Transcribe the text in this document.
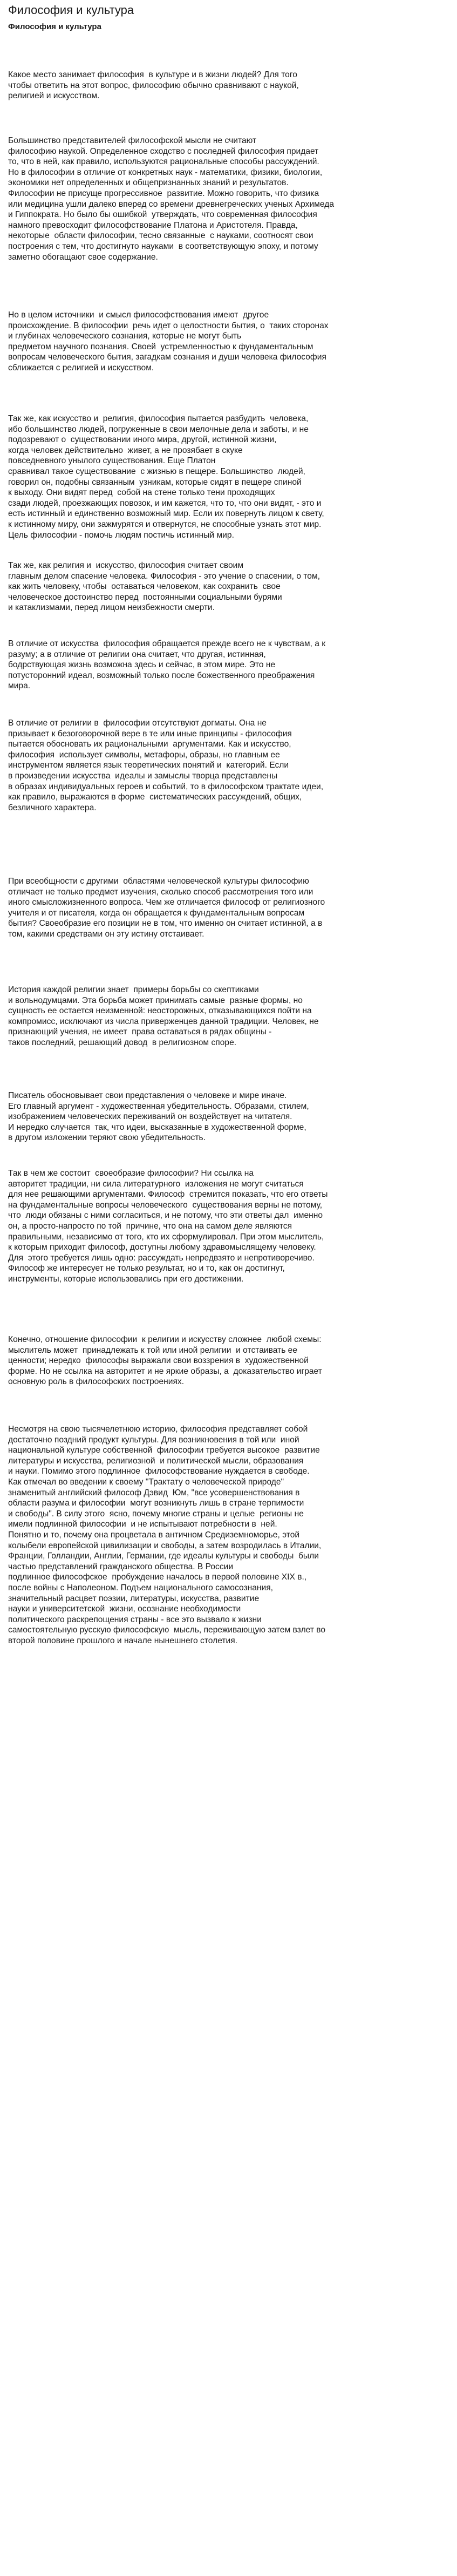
Философия и культура
Философия и культура
Какое место занимает философия  в культуре и в жизни людей? Для того
чтобы ответить на этот вопрос, философию обычно сравнивают с наукой,
религией и искусством.
Большинство представителей философской мысли не считают
философию наукой. Определенное сходство с последней философия придает
то, что в ней, как правило, используются рациональные способы рассуждений.
Но в философии в отличие от конкретных наук - математики, физики, биологии,
экономики нет определенных и общепризнанных знаний и результатов.
Философии не присуще прогрессивное  развитие. Можно говорить, что физика
или медицина ушли далеко вперед со времени древнегреческих ученых Архимеда
и Гиппократа. Но было бы ошибкой  утверждать, что современная философия
намного превосходит философствование Платона и Аристотеля. Правда,
некоторые  области философии, тесно связанные  с науками, соотносят свои
построения с тем, что достигнуто науками  в соответствующую эпоху, и потому
заметно обогащают свое содержание.
Но в целом источники  и смысл философствования имеют  другое
происхождение. В философии  речь идет о целостности бытия, о  таких сторонах
и глубинах человеческого сознания, которые не могут быть
предметом научного познания. Своей  устремленностью к фундаментальным
вопросам человеческого бытия, загадкам сознания и души человека философия
сближается с религией и искусством.
Так же, как искусство и  религия, философия пытается разбудить  человека,
ибо большинство людей, погруженные в свои мелочные дела и заботы, и не
подозревают о  существовании иного мира, другой, истинной жизни,
когда человек действительно  живет, а не прозябает в скуке
повседневного унылого существования. Еще Платон
сравнивал такое существование  с жизнью в пещере. Большинство  людей,
говорил он, подобны связанным  узникам, которые сидят в пещере спиной
к выходу. Они видят перед  собой на стене только тени проходящих
сзади людей, проезжающих повозок, и им кажется, что то, что они видят, - это и
есть истинный и единственно возможный мир. Если их повернуть лицом к свету,
к истинному миру, они зажмурятся и отвернутся, не способные узнать этот мир.
Цель философии - помочь людям постичь истинный мир.
Так же, как религия и  искусство, философия считает своим
главным делом спасение человека. Философия - это учение о спасении, о том,
как жить человеку, чтобы  оставаться человеком, как сохранить  свое
человеческое достоинство перед  постоянными социальными бурями
и катаклизмами, перед лицом неизбежности смерти.
В отличие от искусства  философия обращается прежде всего не к чувствам, а к
разуму; а в отличие от религии она считает, что другая, истинная,
бодрствующая жизнь возможна здесь и сейчас, в этом мире. Это не
потусторонний идеал, возможный только после божественного преображения
мира.
В отличие от религии в  философии отсутствуют догматы. Она не
призывает к безоговорочной вере в те или иные принципы - философия
пытается обосновать их рациональными  аргументами. Как и искусство,
философия  использует символы, метафоры, образы, но главным ее
инструментом является язык теоретических понятий и  категорий. Если
в произведении искусства  идеалы и замыслы творца представлены
в образах индивидуальных героев и событий, то в философском трактате идеи,
как правило, выражаются в форме  систематических рассуждений, общих,
безличного характера.
При всеобщности с другими  областями человеческой культуры философию
отличает не только предмет изучения, сколько способ рассмотрения того или
иного смысложизненного вопроса. Чем же отличается философ от религиозного
учителя и от писателя, когда он обращается к фундаментальным вопросам
бытия? Своеобразие его позиции не в том, что именно он считает истинной, а в
том, какими средствами он эту истину отстаивает.
История каждой религии знает  примеры борьбы со скептиками
и вольнодумцами. Эта борьба может принимать самые  разные формы, но
сущность ее остается неизменной: неосторожных, отказывающихся пойти на
компромисс, исключают из числа приверженцев данной традиции. Человек, не
признающий учения, не имеет  права оставаться в рядах общины -
таков последний, решающий довод  в религиозном споре.
Писатель обосновывает свои представления о человеке и мире иначе.
Его главный аргумент - художественная убедительность. Образами, стилем,
изображением человеческих переживаний он воздействует на читателя.
И нередко случается  так, что идеи, высказанные в художественной форме,
в другом изложении теряют свою убедительность.
Так в чем же состоит  своеобразие философии? Ни ссылка на
авторитет традиции, ни сила литературного  изложения не могут считаться
для нее решающими аргументами. Философ  стремится показать, что его ответы
на фундаментальные вопросы человеческого  существования верны не потому,
что  люди обязаны с ними согласиться, и не потому, что эти ответы дал  именно
он, а просто-напросто по той  причине, что она на самом деле являются
правильными, независимо от того, кто их сформулировал. При этом мыслитель,
к которым приходит философ, доступны любому здравомыслящему человеку.
Для  этого требуется лишь одно: рассуждать непредвзято и непротиворечиво.
Философ же интересует не только результат, но и то, как он достигнут,
инструменты, которые использовались при его достижении.
Конечно, отношение философии  к религии и искусству сложнее  любой схемы:
мыслитель может  принадлежать к той или иной религии  и отстаивать ее
ценности; нередко  философы выражали свои воззрения в  художественной
форме. Но не ссылка на авторитет и не яркие образы, а  доказательство играет
основную роль в философских построениях.
Несмотря на свою тысячелетнюю историю, философия представляет собой
достаточно поздний продукт культуры. Для возникновения в той или  иной
национальной культуре собственной  философии требуется высокое  развитие
литературы и искусства, религиозной  и политической мысли, образования
и науки. Помимо этого подлинное  философствование нуждается в свободе.
Как отмечал во введении к своему "Трактату о человеческой природе"
знаменитый английский философ Дэвид  Юм, "все усовершенствования в
области разума и философии  могут возникнуть лишь в стране терпимости
и свободы". В силу этого  ясно, почему многие страны и целые  регионы не
имели подлинной философии  и не испытывают потребности в  ней.
Понятно и то, почему она процветала в античном Средиземноморье, этой
колыбели европейской цивилизации и свободы, а затем возродилась в Италии,
Франции, Голландии, Англии, Германии, где идеалы культуры и свободы  были
частью представлений гражданского общества. В России
подлинное философское  пробуждение началось в первой половине XIX в.,
после войны с Наполеоном. Подъем национального самосознания,
значительный расцвет поэзии, литературы, искусства, развитие
науки и университетской  жизни, осознание необходимости
политического раскрепощения страны - все это вызвало к жизни
самостоятельную русскую философскую  мысль, переживающую затем взлет во
второй половине прошлого и начале нынешнего столетия.
